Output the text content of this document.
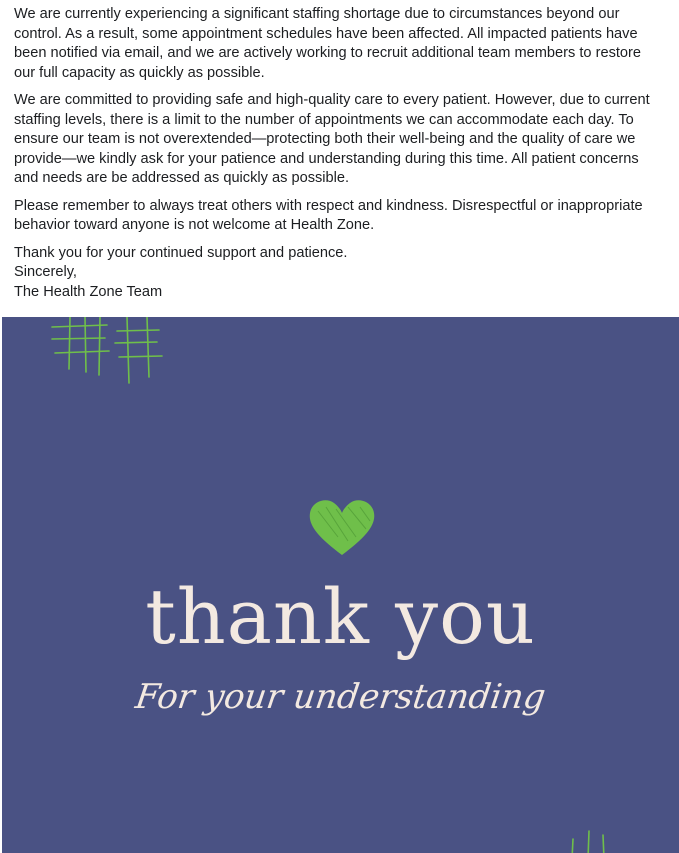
We are currently experiencing a significant staffing shortage due to circumstances beyond our control. As a result, some appointment schedules have been affected. All impacted patients have been notified via email, and we are actively working to recruit additional team members to restore our full capacity as quickly as possible.

We are committed to providing safe and high-quality care to every patient. However, due to current staffing levels, there is a limit to the number of appointments we can accommodate each day. To ensure our team is not overextended—protecting both their well-being and the quality of care we provide—we kindly ask for your patience and understanding during this time. All patient concerns and needs are be addressed as quickly as possible.

Please remember to always treat others with respect and kindness. Disrespectful or inappropriate behavior toward anyone is not welcome at Health Zone.

Thank you for your continued support and patience.
Sincerely,
The Health Zone Team

thank you
For your understanding
